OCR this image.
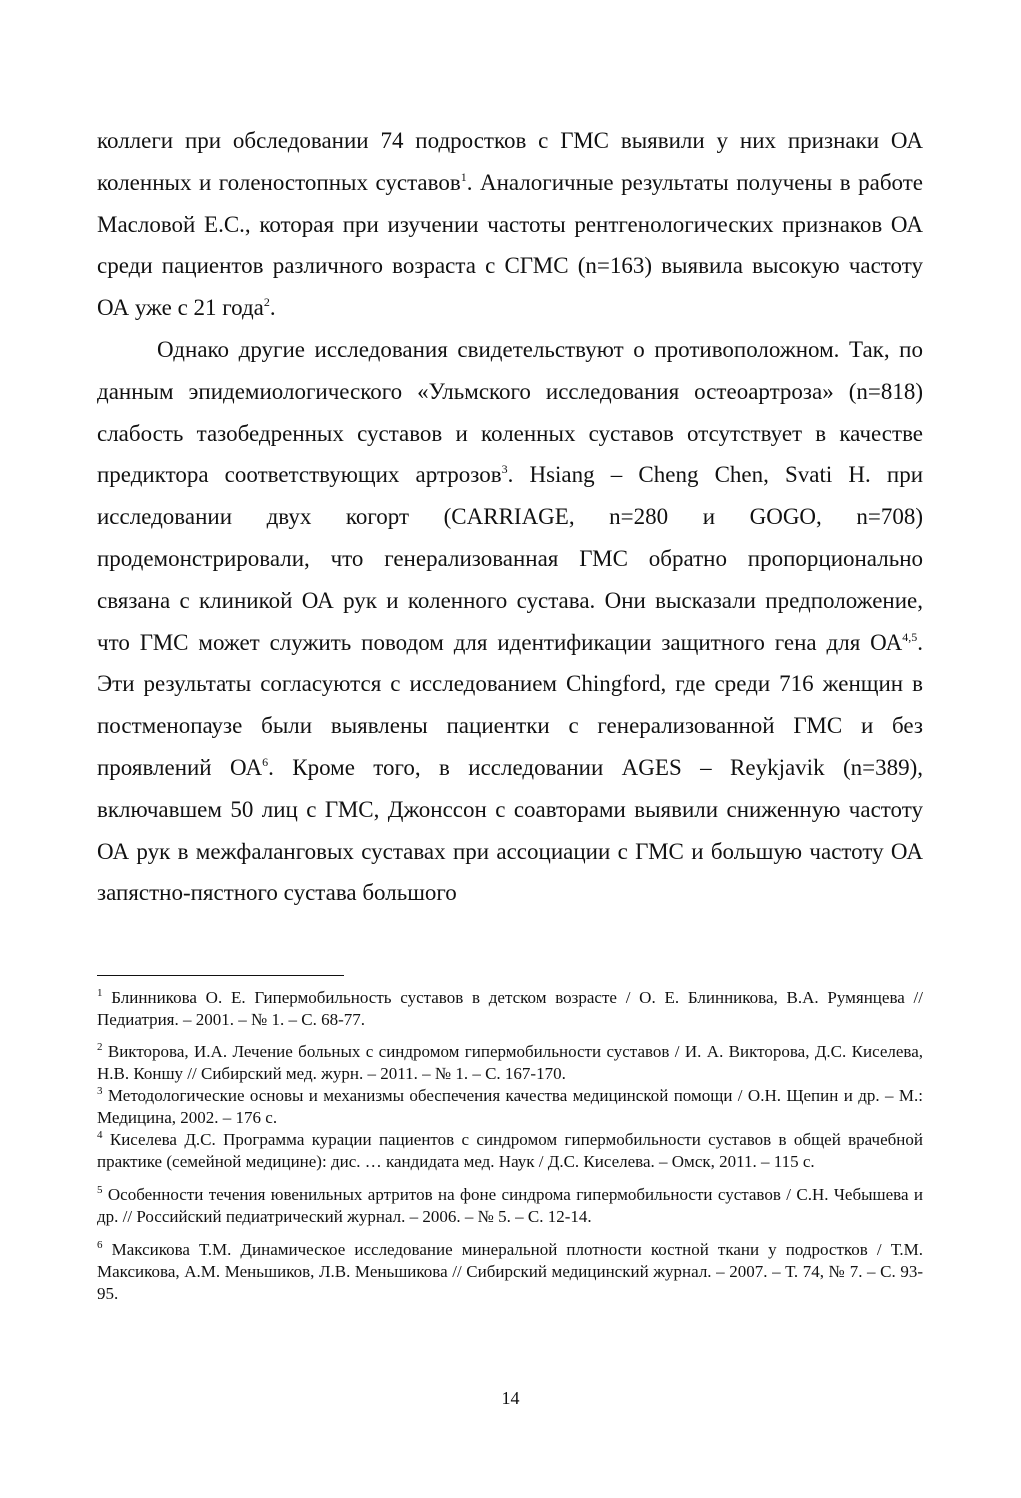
коллеги при обследовании 74 подростков с ГМС выявили у них признаки ОА коленных и голеностопных суставов$^1$. Аналогичные результаты получены в работе Масловой Е.С., которая при изучении частоты рентгенологических признаков ОА среди пациентов различного возраста с СГМС (n=163) выявила высокую частоту ОА уже с 21 года$^2$.

Однако другие исследования свидетельствуют о противоположном. Так, по данным эпидемиологического «Ульмского исследования остеоартроза» (n=818) слабость тазобедренных суставов и коленных суставов отсутствует в качестве предиктора соответствующих артрозов$^3$. Hsiang – Cheng Chen, Svati H. при исследовании двух когорт (CARRIAGE, n=280 и GOGO, n=708) продемонстрировали, что генерализованная ГМС обратно пропорционально связана с клиникой ОА рук и коленного сустава. Они высказали предположение, что ГМС может служить поводом для идентификации защитного гена для ОА$^{4,5}$. Эти результаты согласуются с исследованием Chingford, где среди 716 женщин в постменопаузе были выявлены пациентки с генерализованной ГМС и без проявлений $ОА^6$. Кроме того, в исследовании AGES – Reykjavik (n=389), включавшем 50 лиц с ГМС, Джонссон с соавторами выявили сниженную частоту ОА рук в межфаланговых суставах при ассоциации с ГМС и большую частоту ОА запястно-пястного сустава большого

$^1$ Блинникова О. Е. Гипермобильность суставов в детском возрасте / О. Е. Блинникова, В.А. Румянцева // Педиатрия. – 2001. – № 1. – С. 68-77.

$^2$ Викторова, И.А. Лечение больных с синдромом гипермобильности суставов / И. А. Викторова, Д.С. Киселева, Н.В. Коншу // Сибирский мед. журн. – 2011. – № 1. – С. 167-170.

$^3$ Методологические основы и механизмы обеспечения качества медицинской помощи / О.Н. Щепин и др. – М.: Медицина, 2002. – 176 с.

$^4$ Киселева Д.С. Программа курации пациентов с синдромом гипермобильности суставов в общей врачебной практике (семейной медицине): дис. … кандидата мед. Наук / Д.С. Киселева. – Омск, 2011. – 115 с.

$^5$ Особенности течения ювенильных артритов на фоне синдрома гипермобильности суставов / С.Н. Чебышева и др. // Российский педиатрический журнал. – 2006. – № 5. – С. 12-14.

$^6$ Максикова Т.М. Динамическое исследование минеральной плотности костной ткани у подростков / Т.М. Максикова, А.М. Меньшиков, Л.В. Меньшикова // Сибирский медицинский журнал. – 2007. – Т. 74, № 7. – С. 93-95.

14
